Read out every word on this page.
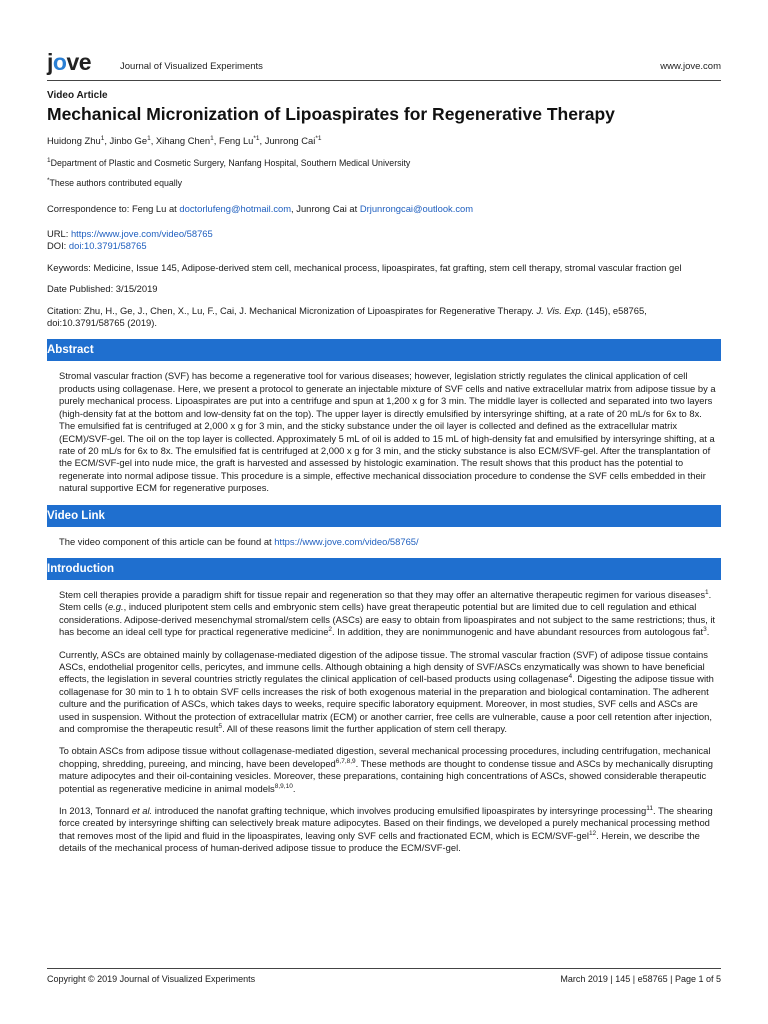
jove	Journal of Visualized Experiments	www.jove.com
Video Article
Mechanical Micronization of Lipoaspirates for Regenerative Therapy

Huidong Zhu$^1$, Jinbo Ge$^1$, Xihang Chen$^1$, Feng Lu$^{*1}$, Junrong Cai$^{*1}$

$^1$Department of Plastic and Cosmetic Surgery, Nanfang Hospital, Southern Medical University
*These authors contributed equally

Correspondence to: Feng Lu at doctorlufeng@hotmail.com, Junrong Cai at Drjunrongcai@outlook.com

URL: https://www.jove.com/video/58765
DOI: doi:10.3791/58765

Keywords: Medicine, Issue 145, Adipose-derived stem cell, mechanical process, lipoaspirates, fat grafting, stem cell therapy, stromal vascular fraction gel

Date Published: 3/15/2019

Citation: Zhu, H., Ge, J., Chen, X., Lu, F., Cai, J. Mechanical Micronization of Lipoaspirates for Regenerative Therapy. J. Vis. Exp. (145), e58765, doi:10.3791/58765 (2019).

Abstract

Stromal vascular fraction (SVF) has become a regenerative tool for various diseases; however, legislation strictly regulates the clinical application of cell products using collagenase. Here, we present a protocol to generate an injectable mixture of SVF cells and native extracellular matrix from adipose tissue by a purely mechanical process. Lipoaspirates are put into a centrifuge and spun at 1,200 x g for 3 min. The middle layer is collected and separated into two layers (high-density fat at the bottom and low-density fat on the top). The upper layer is directly emulsified by intersyringe shifting, at a rate of 20 mL/s for 6x to 8x. The emulsified fat is centrifuged at 2,000 x g for 3 min, and the sticky substance under the oil layer is collected and defined as the extracellular matrix (ECM)/SVF-gel. The oil on the top layer is collected. Approximately 5 mL of oil is added to 15 mL of high-density fat and emulsified by intersyringe shifting, at a rate of 20 mL/s for 6x to 8x. The emulsified fat is centrifuged at 2,000 x g for 3 min, and the sticky substance is also ECM/SVF-gel. After the transplantation of the ECM/SVF-gel into nude mice, the graft is harvested and assessed by histologic examination. The result shows that this product has the potential to regenerate into normal adipose tissue. This procedure is a simple, effective mechanical dissociation procedure to condense the SVF cells embedded in their natural supportive ECM for regenerative purposes.

Video Link

The video component of this article can be found at https://www.jove.com/video/58765/

Introduction

Stem cell therapies provide a paradigm shift for tissue repair and regeneration so that they may offer an alternative therapeutic regimen for various diseases$^1$. Stem cells (e.g., induced pluripotent stem cells and embryonic stem cells) have great therapeutic potential but are limited due to cell regulation and ethical considerations. Adipose-derived mesenchymal stromal/stem cells (ASCs) are easy to obtain from lipoaspirates and not subject to the same restrictions; thus, it has become an ideal cell type for practical regenerative medicine$^2$. In addition, they are nonimmunogenic and have abundant resources from autologous fat$^3$.

Currently, ASCs are obtained mainly by collagenase-mediated digestion of the adipose tissue. The stromal vascular fraction (SVF) of adipose tissue contains ASCs, endothelial progenitor cells, pericytes, and immune cells. Although obtaining a high density of SVF/ASCs enzymatically was shown to have beneficial effects, the legislation in several countries strictly regulates the clinical application of cell-based products using collagenase$^4$. Digesting the adipose tissue with collagenase for 30 min to 1 h to obtain SVF cells increases the risk of both exogenous material in the preparation and biological contamination. The adherent culture and the purification of ASCs, which takes days to weeks, require specific laboratory equipment. Moreover, in most studies, SVF cells and ASCs are used in suspension. Without the protection of extracellular matrix (ECM) or another carrier, free cells are vulnerable, cause a poor cell retention after injection, and compromise the therapeutic result$^5$. All of these reasons limit the further application of stem cell therapy.

To obtain ASCs from adipose tissue without collagenase-mediated digestion, several mechanical processing procedures, including centrifugation, mechanical chopping, shredding, pureeing, and mincing, have been developed$^{6,7,8,9}$. These methods are thought to condense tissue and ASCs by mechanically disrupting mature adipocytes and their oil-containing vesicles. Moreover, these preparations, containing high concentrations of ASCs, showed considerable therapeutic potential as regenerative medicine in animal models$^{8,9,10}$.

In 2013, Tonnard et al. introduced the nanofat grafting technique, which involves producing emulsified lipoaspirates by intersyringe processing$^{11}$. The shearing force created by intersyringe shifting can selectively break mature adipocytes. Based on their findings, we developed a purely mechanical processing method that removes most of the lipid and fluid in the lipoaspirates, leaving only SVF cells and fractionated ECM, which is ECM/SVF-gel$^{12}$. Herein, we describe the details of the mechanical process of human-derived adipose tissue to produce the ECM/SVF-gel.

Copyright © 2019 Journal of Visualized Experiments	March 2019 | 145 | e58765 | Page 1 of 5
